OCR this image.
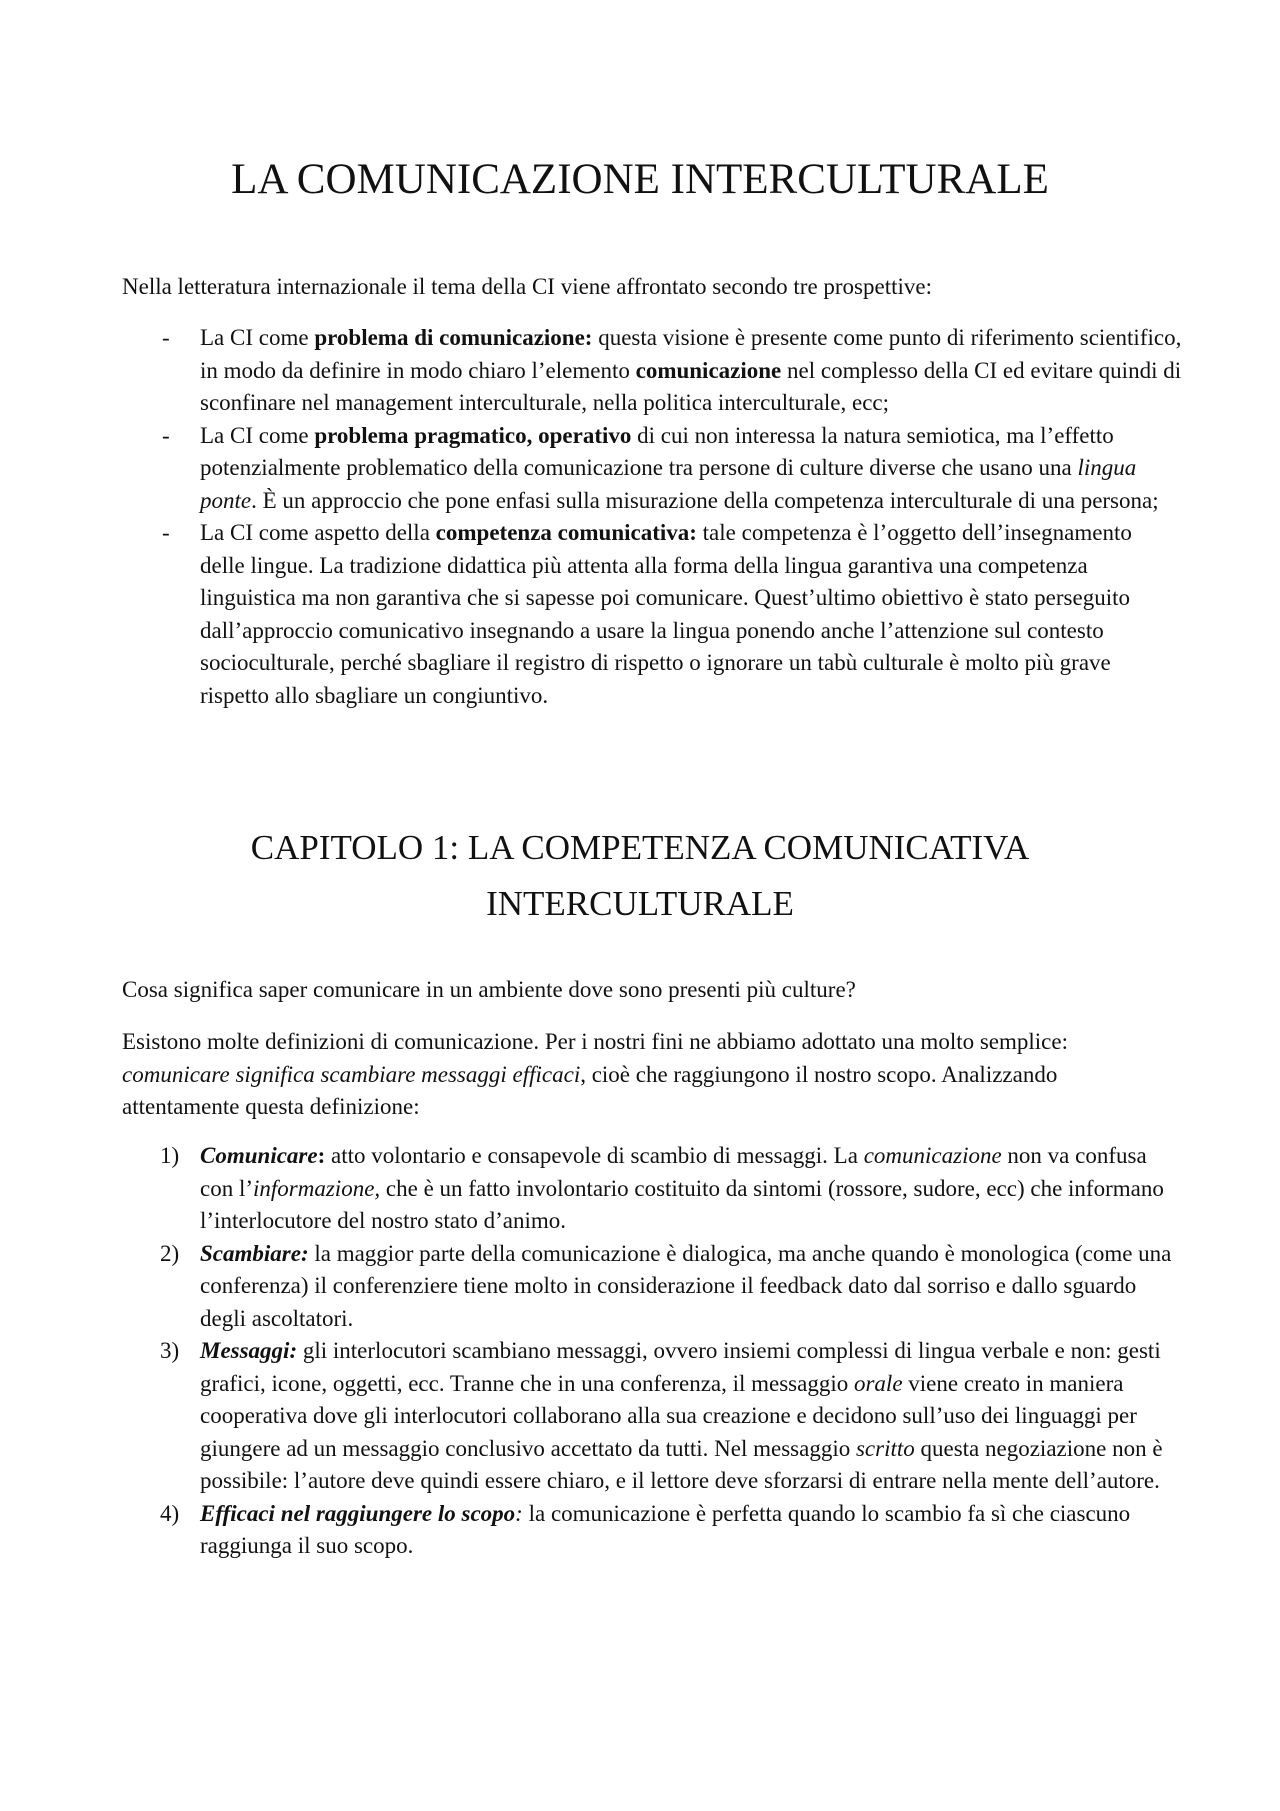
LA COMUNICAZIONE INTERCULTURALE

Nella letteratura internazionale il tema della CI viene affrontato secondo tre prospettive:

- La CI come problema di comunicazione: questa visione è presente come punto di riferimento scientifico, in modo da definire in modo chiaro l’elemento comunicazione nel complesso della CI ed evitare quindi di sconfinare nel management interculturale, nella politica interculturale, ecc;
- La CI come problema pragmatico, operativo di cui non interessa la natura semiotica, ma l’effetto potenzialmente problematico della comunicazione tra persone di culture diverse che usano una lingua ponte. È un approccio che pone enfasi sulla misurazione della competenza interculturale di una persona;
- La CI come aspetto della competenza comunicativa: tale competenza è l’oggetto dell’insegnamento delle lingue. La tradizione didattica più attenta alla forma della lingua garantiva una competenza linguistica ma non garantiva che si sapesse poi comunicare. Quest’ultimo obiettivo è stato perseguito dall’approccio comunicativo insegnando a usare la lingua ponendo anche l’attenzione sul contesto socioculturale, perché sbagliare il registro di rispetto o ignorare un tabù culturale è molto più grave rispetto allo sbagliare un congiuntivo.
CAPITOLO 1: LA COMPETENZA COMUNICATIVA
INTERCULTURALE

Cosa significa saper comunicare in un ambiente dove sono presenti più culture?

Esistono molte definizioni di comunicazione. Per i nostri fini ne abbiamo adottato una molto semplice: comunicare significa scambiare messaggi efficaci, cioè che raggiungono il nostro scopo. Analizzando attentamente questa definizione:

1) Comunicare: atto volontario e consapevole di scambio di messaggi. La comunicazione non va confusa con l’informazione, che è un fatto involontario costituito da sintomi (rossore, sudore, ecc) che informano l’interlocutore del nostro stato d’animo.
2) Scambiare: la maggior parte della comunicazione è dialogica, ma anche quando è monologica (come una conferenza) il conferenziere tiene molto in considerazione il feedback dato dal sorriso e dallo sguardo degli ascoltatori.
3) Messaggi: gli interlocutori scambiano messaggi, ovvero insiemi complessi di lingua verbale e non: gesti grafici, icone, oggetti, ecc. Tranne che in una conferenza, il messaggio orale viene creato in maniera cooperativa dove gli interlocutori collaborano alla sua creazione e decidono sull’uso dei linguaggi per giungere ad un messaggio conclusivo accettato da tutti. Nel messaggio scritto questa negoziazione non è possibile: l’autore deve quindi essere chiaro, e il lettore deve sforzarsi di entrare nella mente dell’autore.
4) Efficaci nel raggiungere lo scopo: la comunicazione è perfetta quando lo scambio fa sì che ciascuno raggiunga il suo scopo.
